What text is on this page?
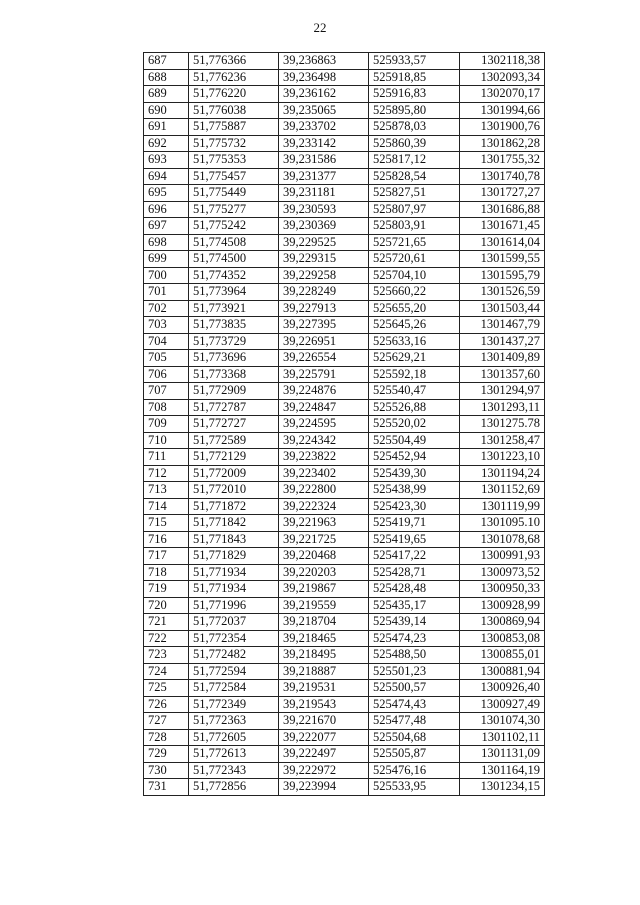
22
687	51,776366	39,236863	525933,57	1302118,38
688	51,776236	39,236498	525918,85	1302093,34
689	51,776220	39,236162	525916,83	1302070,17
690	51,776038	39,235065	525895,80	1301994,66
691	51,775887	39,233702	525878,03	1301900,76
692	51,775732	39,233142	525860,39	1301862,28
693	51,775353	39,231586	525817,12	1301755,32
694	51,775457	39,231377	525828,54	1301740,78
695	51,775449	39,231181	525827,51	1301727,27
696	51,775277	39,230593	525807,97	1301686,88
697	51,775242	39,230369	525803,91	1301671,45
698	51,774508	39,229525	525721,65	1301614,04
699	51,774500	39,229315	525720,61	1301599,55
700	51,774352	39,229258	525704,10	1301595,79
701	51,773964	39,228249	525660,22	1301526,59
702	51,773921	39,227913	525655,20	1301503,44
703	51,773835	39,227395	525645,26	1301467,79
704	51,773729	39,226951	525633,16	1301437,27
705	51,773696	39,226554	525629,21	1301409,89
706	51,773368	39,225791	525592,18	1301357,60
707	51,772909	39,224876	525540,47	1301294,97
708	51,772787	39,224847	525526,88	1301293,11
709	51,772727	39,224595	525520,02	1301275.78
710	51,772589	39,224342	525504,49	1301258,47
711	51,772129	39,223822	525452,94	1301223,10
712	51,772009	39,223402	525439,30	1301194,24
713	51,772010	39,222800	525438,99	1301152,69
714	51,771872	39,222324	525423,30	1301119,99
715	51,771842	39,221963	525419,71	1301095.10
716	51,771843	39,221725	525419,65	1301078,68
717	51,771829	39,220468	525417,22	1300991,93
718	51,771934	39,220203	525428,71	1300973,52
719	51,771934	39,219867	525428,48	1300950,33
720	51,771996	39,219559	525435,17	1300928,99
721	51,772037	39,218704	525439,14	1300869,94
722	51,772354	39,218465	525474,23	1300853,08
723	51,772482	39,218495	525488,50	1300855,01
724	51,772594	39,218887	525501,23	1300881,94
725	51,772584	39,219531	525500,57	1300926,40
726	51,772349	39,219543	525474,43	1300927,49
727	51,772363	39,221670	525477,48	1301074,30
728	51,772605	39,222077	525504,68	1301102,11
729	51,772613	39,222497	525505,87	1301131,09
730	51,772343	39,222972	525476,16	1301164,19
731	51,772856	39,223994	525533,95	1301234,15
